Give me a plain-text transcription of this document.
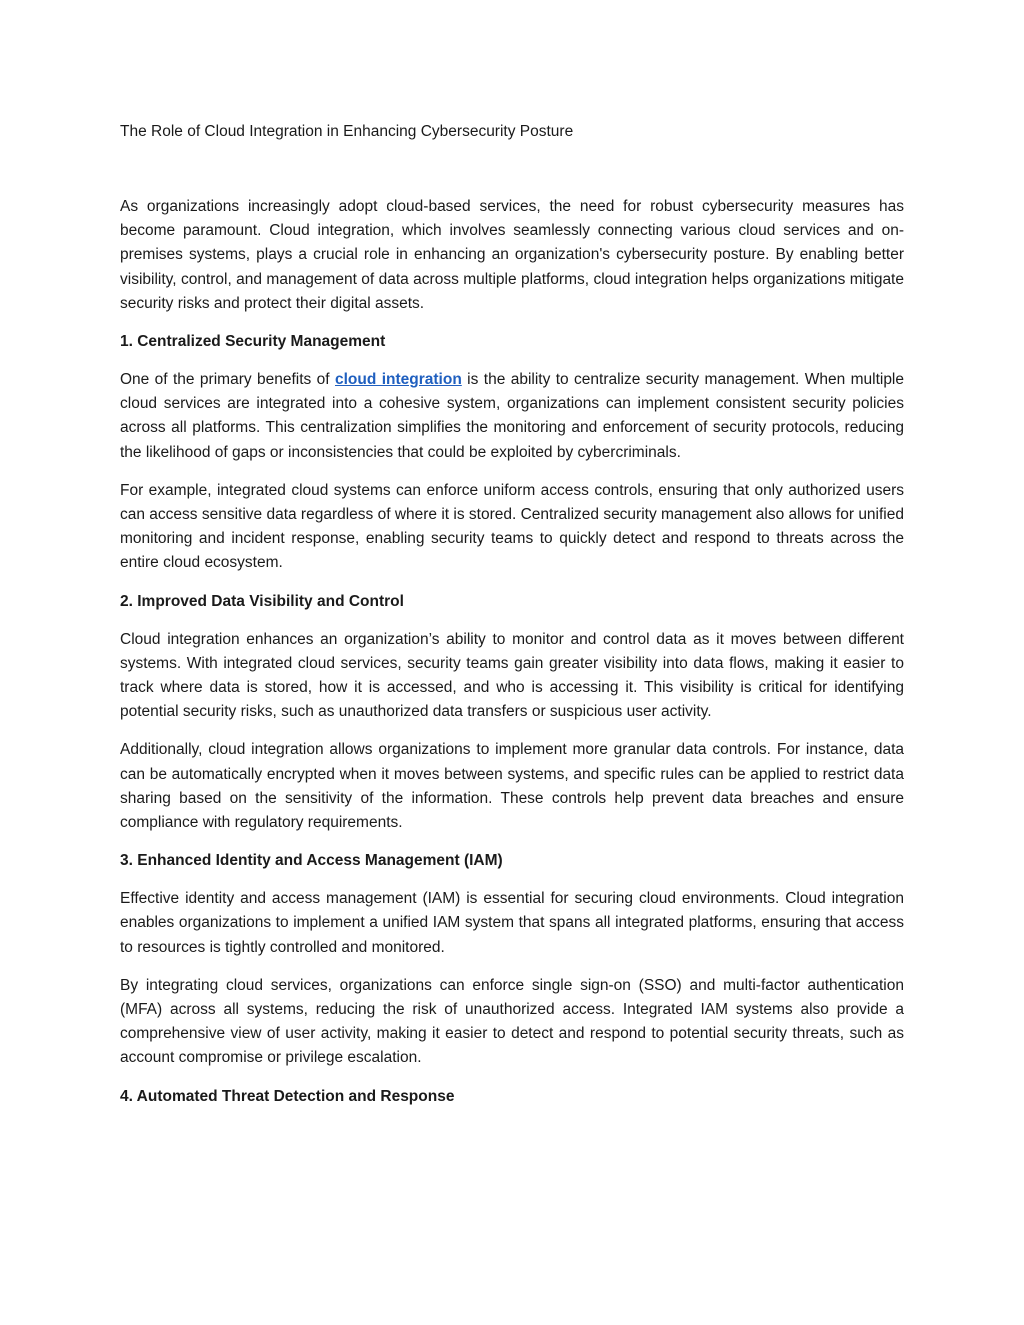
The Role of Cloud Integration in Enhancing Cybersecurity Posture

As organizations increasingly adopt cloud-based services, the need for robust cybersecurity measures has become paramount. Cloud integration, which involves seamlessly connecting various cloud services and on-premises systems, plays a crucial role in enhancing an organization's cybersecurity posture. By enabling better visibility, control, and management of data across multiple platforms, cloud integration helps organizations mitigate security risks and protect their digital assets.

1. Centralized Security Management

One of the primary benefits of cloud integration is the ability to centralize security management. When multiple cloud services are integrated into a cohesive system, organizations can implement consistent security policies across all platforms. This centralization simplifies the monitoring and enforcement of security protocols, reducing the likelihood of gaps or inconsistencies that could be exploited by cybercriminals.

For example, integrated cloud systems can enforce uniform access controls, ensuring that only authorized users can access sensitive data regardless of where it is stored. Centralized security management also allows for unified monitoring and incident response, enabling security teams to quickly detect and respond to threats across the entire cloud ecosystem.

2. Improved Data Visibility and Control

Cloud integration enhances an organization’s ability to monitor and control data as it moves between different systems. With integrated cloud services, security teams gain greater visibility into data flows, making it easier to track where data is stored, how it is accessed, and who is accessing it. This visibility is critical for identifying potential security risks, such as unauthorized data transfers or suspicious user activity.

Additionally, cloud integration allows organizations to implement more granular data controls. For instance, data can be automatically encrypted when it moves between systems, and specific rules can be applied to restrict data sharing based on the sensitivity of the information. These controls help prevent data breaches and ensure compliance with regulatory requirements.

3. Enhanced Identity and Access Management (IAM)

Effective identity and access management (IAM) is essential for securing cloud environments. Cloud integration enables organizations to implement a unified IAM system that spans all integrated platforms, ensuring that access to resources is tightly controlled and monitored.

By integrating cloud services, organizations can enforce single sign-on (SSO) and multi-factor authentication (MFA) across all systems, reducing the risk of unauthorized access. Integrated IAM systems also provide a comprehensive view of user activity, making it easier to detect and respond to potential security threats, such as account compromise or privilege escalation.

4. Automated Threat Detection and Response
